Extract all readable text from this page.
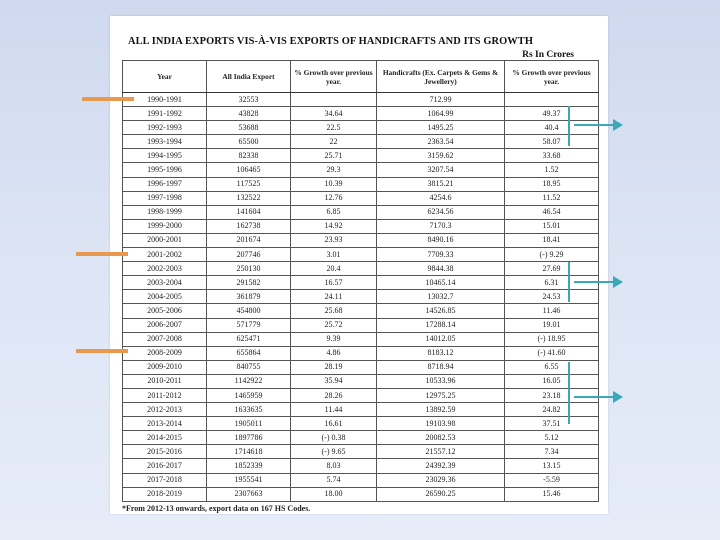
ALL INDIA EXPORTS VIS-À-VIS EXPORTS OF HANDICRAFTS AND ITS GROWTH
Rs In Crores
Year	All India Export	% Growth over previous year.	Handicrafts (Ex. Carpets & Gems & Jewellery)	% Growth over previous year.
1990-1991	32553		712.99	
1991-1992	43828	34.64	1064.99	49.37
1992-1993	53688	22.5	1495.25	40.4
1993-1994	65500	22	2363.54	58.07
1994-1995	82338	25.71	3159.62	33.68
1995-1996	106465	29.3	3207.54	1.52
1996-1997	117525	10.39	3815.21	18.95
1997-1998	132522	12.76	4254.6	11.52
1998-1999	141604	6.85	6234.56	46.54
1999-2000	162738	14.92	7170.3	15.01
2000-2001	201674	23.93	8490.16	18.41
2001-2002	207746	3.01	7709.33	(-) 9.29
2002-2003	250130	20.4	9844.38	27.69
2003-2004	291582	16.57	10465.14	6.31
2004-2005	361879	24.11	13032.7	24.53
2005-2006	454800	25.68	14526.85	11.46
2006-2007	571779	25.72	17288.14	19.01
2007-2008	625471	9.39	14012.05	(-) 18.95
2008-2009	655864	4.86	8183.12	(-) 41.60
2009-2010	840755	28.19	8718.94	6.55
2010-2011	1142922	35.94	10533.96	16.05
2011-2012	1465959	28.26	12975.25	23.18
2012-2013	1633635	11.44	13892.59	24.82
2013-2014	1905011	16.61	19103.98	37.51
2014-2015	1897786	(-) 0.38	20082.53	5.12
2015-2016	1714618	(-) 9.65	21557.12	7.34
2016-2017	1852339	8.03	24392.39	13.15
2017-2018	1955541	5.74	23029.36	-5.59
2018-2019	2307663	18.00	26590.25	15.46
*From 2012-13 onwards, export data on 167 HS Codes.
